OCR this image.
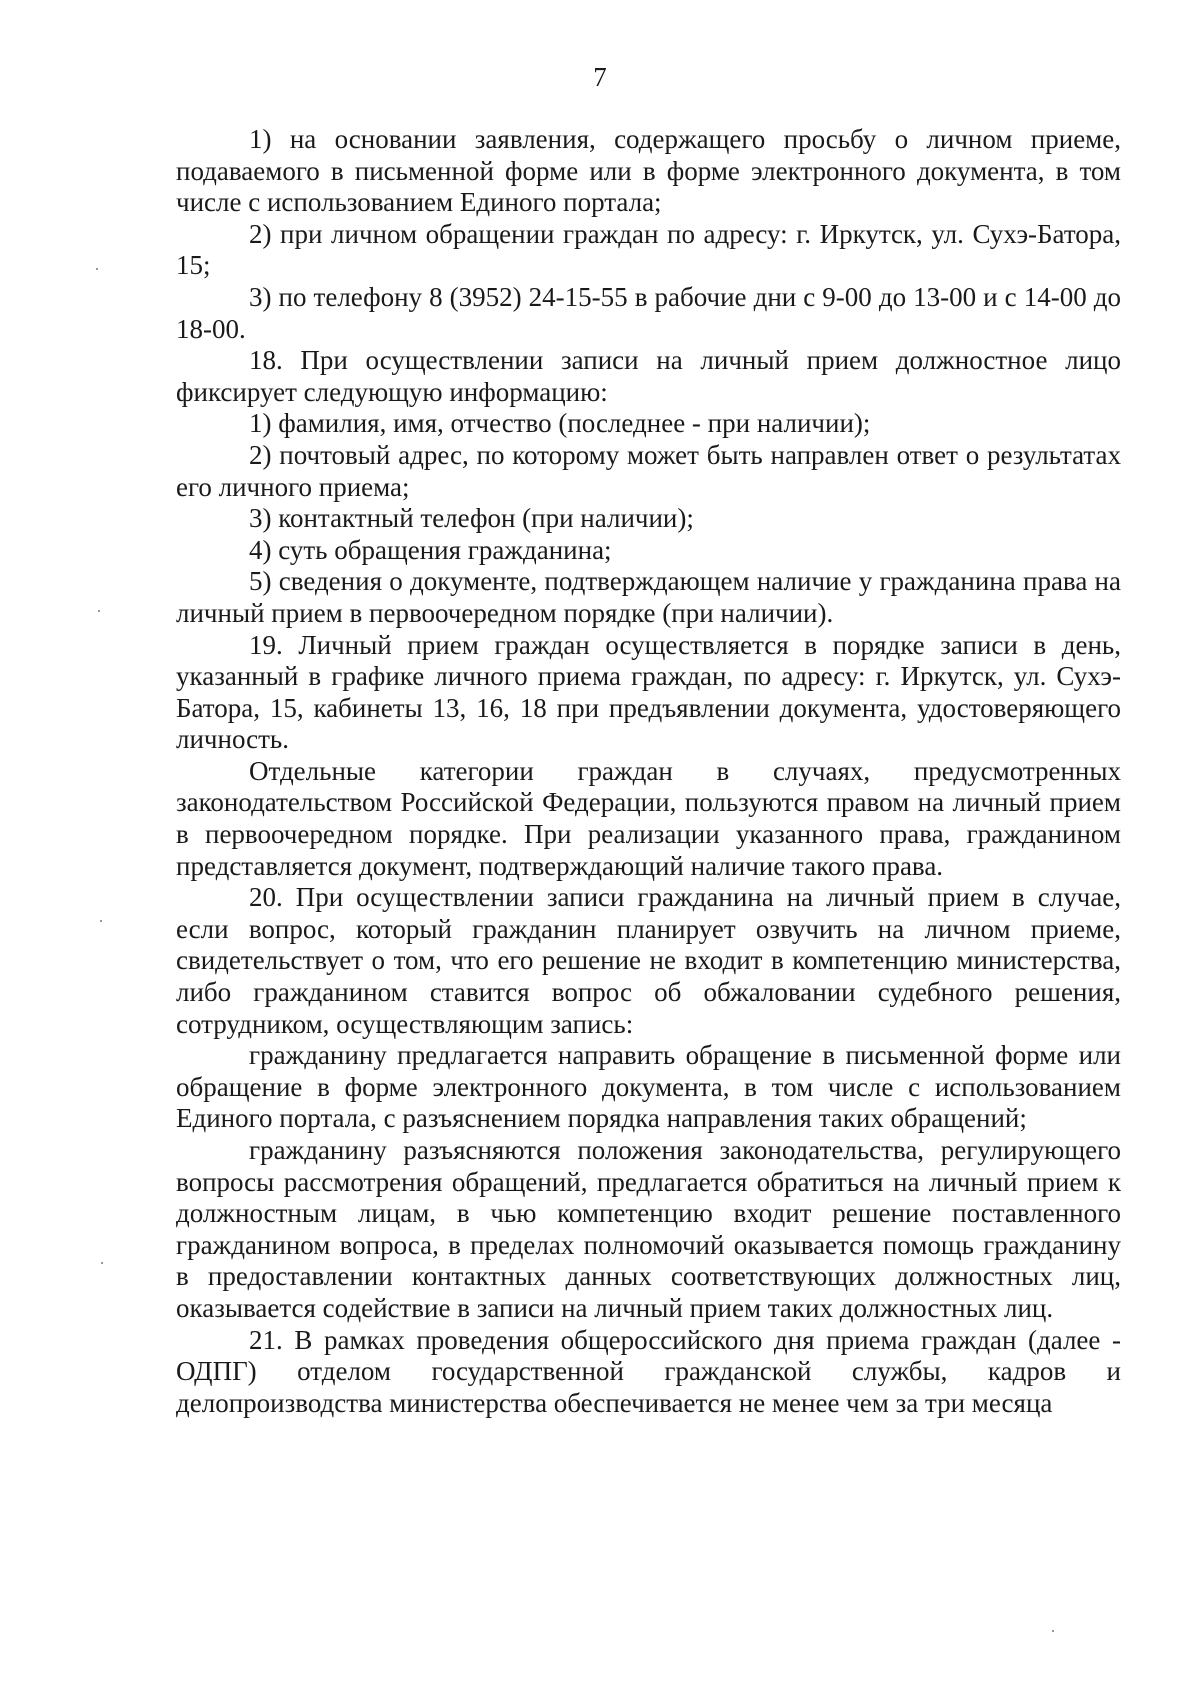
7

1) на основании заявления, содержащего просьбу о личном приеме, подаваемого в письменной форме или в форме электронного документа, в том числе с использованием Единого портала;

2) при личном обращении граждан по адресу: г. Иркутск, ул. Сухэ-Батора, 15;

3) по телефону 8 (3952) 24-15-55 в рабочие дни с 9-00 до 13-00 и с 14-00 до 18-00.

18. При осуществлении записи на личный прием должностное лицо фиксирует следующую информацию:

1) фамилия, имя, отчество (последнее - при наличии);

2) почтовый адрес, по которому может быть направлен ответ о результатах его личного приема;

3) контактный телефон (при наличии);

4) суть обращения гражданина;

5) сведения о документе, подтверждающем наличие у гражданина права на личный прием в первоочередном порядке (при наличии).

19. Личный прием граждан осуществляется в порядке записи в день, указанный в графике личного приема граждан, по адресу: г. Иркутск, ул. Сухэ-Батора, 15, кабинеты 13, 16, 18 при предъявлении документа, удостоверяющего личность.

Отдельные категории граждан в случаях, предусмотренных законодательством Российской Федерации, пользуются правом на личный прием в первоочередном порядке. При реализации указанного права, гражданином представляется документ, подтверждающий наличие такого права.

20. При осуществлении записи гражданина на личный прием в случае, если вопрос, который гражданин планирует озвучить на личном приеме, свидетельствует о том, что его решение не входит в компетенцию министерства, либо гражданином ставится вопрос об обжаловании судебного решения, сотрудником, осуществляющим запись:

гражданину предлагается направить обращение в письменной форме или обращение в форме электронного документа, в том числе с использованием Единого портала, с разъяснением порядка направления таких обращений;

гражданину разъясняются положения законодательства, регулирующего вопросы рассмотрения обращений, предлагается обратиться на личный прием к должностным лицам, в чью компетенцию входит решение поставленного гражданином вопроса, в пределах полномочий оказывается помощь гражданину в предоставлении контактных данных соответствующих должностных лиц, оказывается содействие в записи на личный прием таких должностных лиц.

21. В рамках проведения общероссийского дня приема граждан (далее - ОДПГ) отделом государственной гражданской службы, кадров и делопроизводства министерства обеспечивается не менее чем за три месяца
